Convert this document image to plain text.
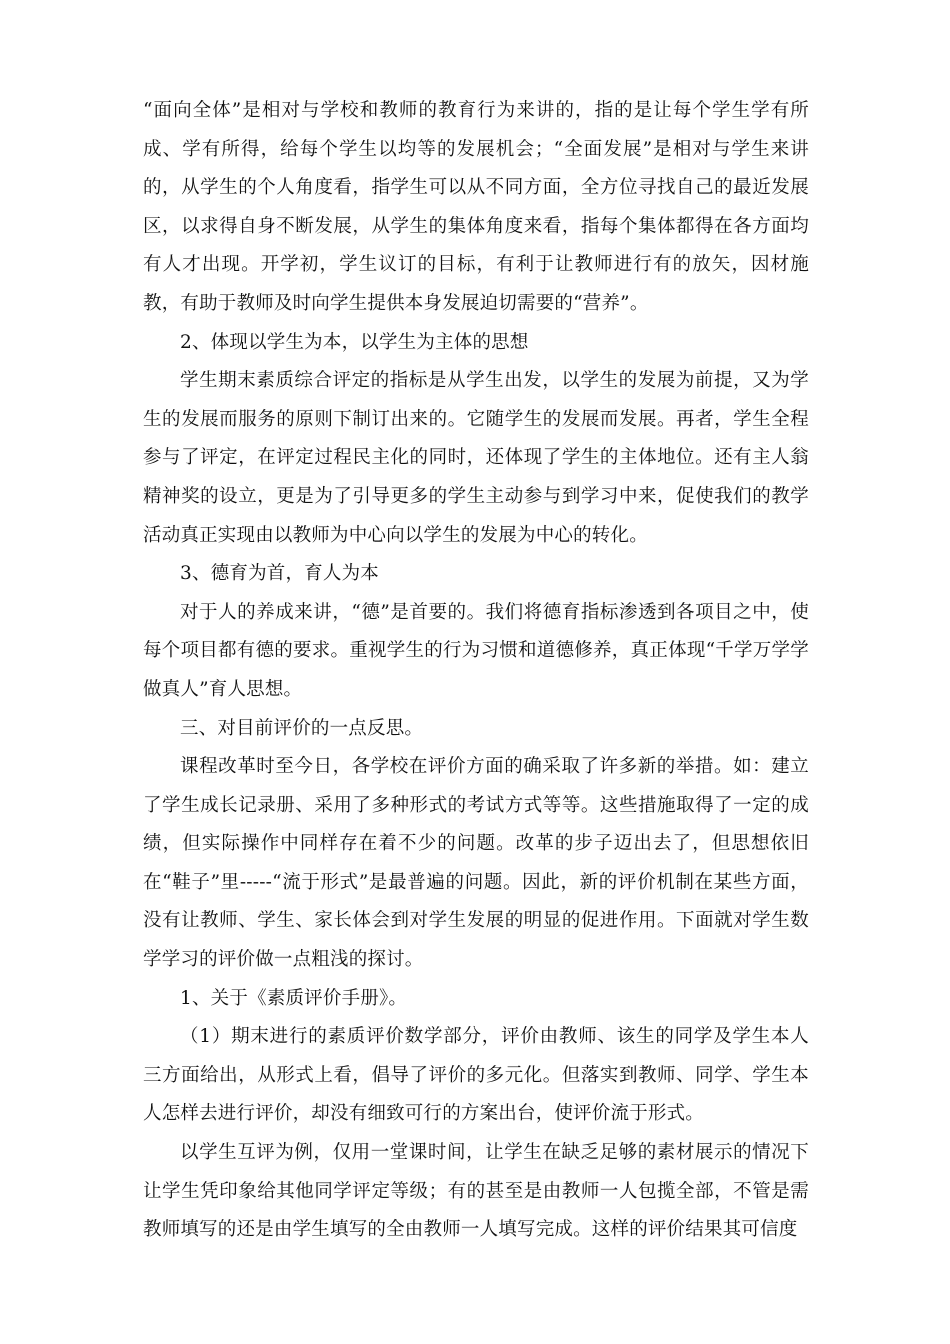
“面向全体”是相对与学校和教师的教育行为来讲的，指的是让每个学生学有所成、学有所得，给每个学生以均等的发展机会；“全面发展”是相对与学生来讲的，从学生的个人角度看，指学生可以从不同方面，全方位寻找自己的最近发展区，以求得自身不断发展，从学生的集体角度来看，指每个集体都得在各方面均有人才出现。开学初，学生议订的目标，有利于让教师进行有的放矢，因材施教，有助于教师及时向学生提供本身发展迫切需要的“营养”。

2、体现以学生为本，以学生为主体的思想

学生期末素质综合评定的指标是从学生出发，以学生的发展为前提，又为学生的发展而服务的原则下制订出来的。它随学生的发展而发展。再者，学生全程参与了评定，在评定过程民主化的同时，还体现了学生的主体地位。还有主人翁精神奖的设立，更是为了引导更多的学生主动参与到学习中来，促使我们的教学活动真正实现由以教师为中心向以学生的发展为中心的转化。

3、德育为首，育人为本

对于人的养成来讲，“德”是首要的。我们将德育指标渗透到各项目之中，使每个项目都有德的要求。重视学生的行为习惯和道德修养，真正体现“千学万学学做真人”育人思想。

三、对目前评价的一点反思。

课程改革时至今日，各学校在评价方面的确采取了许多新的举措。如：建立了学生成长记录册、采用了多种形式的考试方式等等。这些措施取得了一定的成绩，但实际操作中同样存在着不少的问题。改革的步子迈出去了，但思想依旧在“鞋子”里-----“流于形式”是最普遍的问题。因此，新的评价机制在某些方面，没有让教师、学生、家长体会到对学生发展的明显的促进作用。下面就对学生数学学习的评价做一点粗浅的探讨。

1、关于《素质评价手册》。

（1）期末进行的素质评价数学部分，评价由教师、该生的同学及学生本人三方面给出，从形式上看，倡导了评价的多元化。但落实到教师、同学、学生本人怎样去进行评价，却没有细致可行的方案出台，使评价流于形式。

以学生互评为例，仅用一堂课时间，让学生在缺乏足够的素材展示的情况下让学生凭印象给其他同学评定等级；有的甚至是由教师一人包揽全部，不管是需教师填写的还是由学生填写的全由教师一人填写完成。这样的评价结果其可信度
